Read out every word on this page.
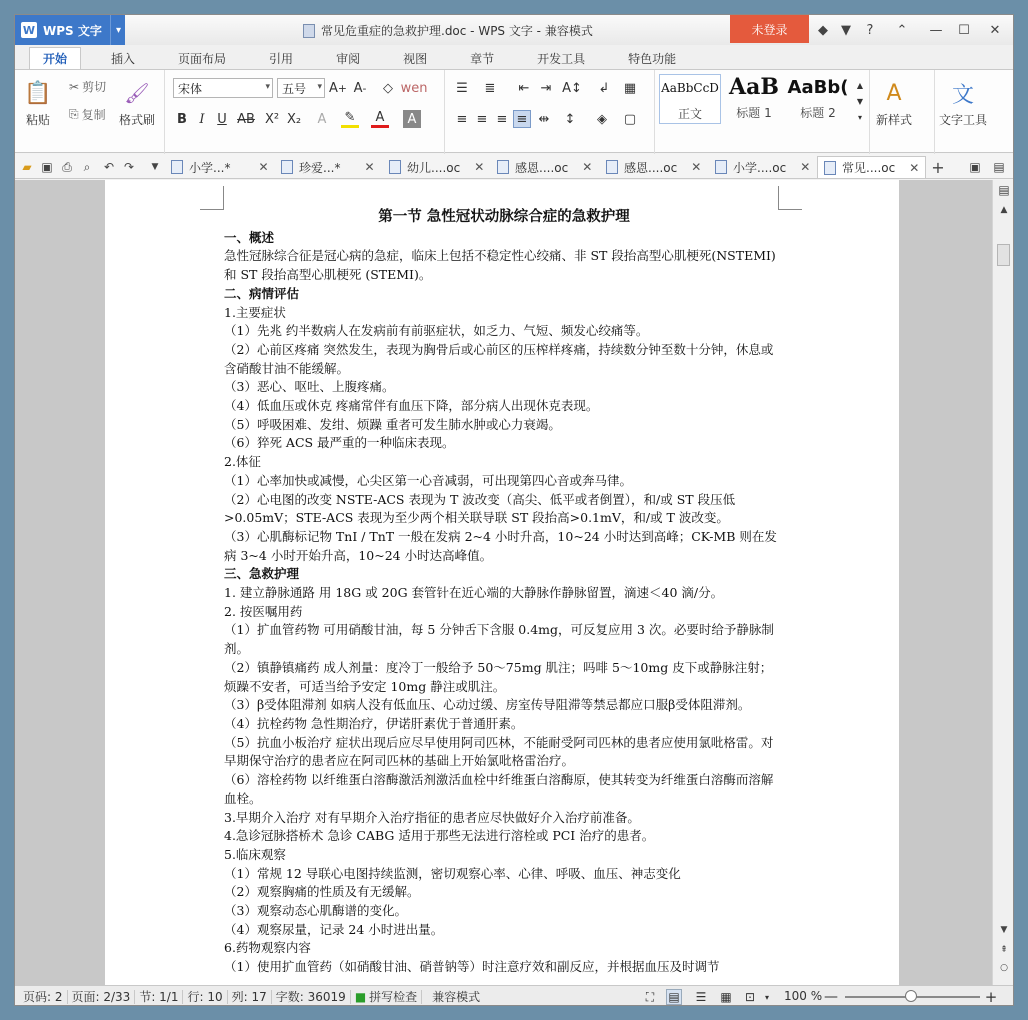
W WPS 文字	▾	常见危重症的急救护理.doc - WPS 文字 - 兼容模式	未登录	◆	▼	?	⌃ — ☐ ✕
开始	插入	页面布局	引用	审阅	视图	章节	开发工具	特色功能
📋
粘贴
✂ 剪切
⎘ 复制
🖌
格式刷
宋体	▾ 五号 ▾ A + A -	◇ wen
B I U AB X² X₂	A	✎	A	A
☰ ≣ ⇤ ⇥ A↕ ↲ ▦
≡ ≡ ≡ ≡ ⇹ ↕	◈	▢
AaBbCcD
正文
AaB
标题 1
AaBb(
标题 2
▲
▼
▾
A
新样式
文
文字工具
▰ ▣ ⎙ ⌕	↶ ↷	▼	小学...* ✕	珍爱...* ✕	幼儿....oc ✕	感恩....oc ✕	感恩....oc ✕	小学....oc ✕	常见....oc ✕ + ▣ ▤
第一节 急性冠状动脉综合症的急救护理

一、概述

急性冠脉综合征是冠心病的急症，临床上包括不稳定性心绞痛、非 ST 段抬高型心肌梗死(NSTEMI)和 ST 段抬高型心肌梗死 (STEMI)。

二、病情评估

1.主要症状

（1）先兆 约半数病人在发病前有前驱症状，如乏力、气短、频发心绞痛等。

（2）心前区疼痛 突然发生，表现为胸骨后或心前区的压榨样疼痛，持续数分钟至数十分钟，休息或含硝酸甘油不能缓解。

（3）恶心、呕吐、上腹疼痛。

（4）低血压或休克 疼痛常伴有血压下降，部分病人出现休克表现。

（5）呼吸困难、发绀、烦躁 重者可发生肺水肿或心力衰竭。

（6）猝死 ACS 最严重的一种临床表现。

2.体征

（1）心率加快或减慢，心尖区第一心音减弱，可出现第四心音或奔马律。

（2）心电图的改变 NSTE-ACS 表现为 T 波改变（高尖、低平或者倒置），和/或 ST 段压低>0.05mV；STE-ACS 表现为至少两个相关联导联 ST 段抬高>0.1mV，和/或 T 波改变。

（3）心肌酶标记物 TnI / TnT 一般在发病 2~4 小时升高，10~24 小时达到高峰；CK-MB 则在发病 3~4 小时开始升高，10~24 小时达高峰值。

三、急救护理

1. 建立静脉通路 用 18G 或 20G 套管针在近心端的大静脉作静脉留置，滴速＜40 滴/分。

2. 按医嘱用药

（1）扩血管药物 可用硝酸甘油，每 5 分钟舌下含服 0.4mg，可反复应用 3 次。必要时给予静脉制剂。

（2）镇静镇痛药 成人剂量：度冷丁一般给予 50～75mg 肌注；吗啡 5～10mg 皮下或静脉注射；烦躁不安者，可适当给予安定 10mg 静注或肌注。

（3）β受体阻滞剂 如病人没有低血压、心动过缓、房室传导阻滞等禁忌都应口服β受体阻滞剂。

（4）抗栓药物 急性期治疗，伊诺肝素优于普通肝素。

（5）抗血小板治疗 症状出现后应尽早使用阿司匹林，不能耐受阿司匹林的患者应使用氯吡格雷。对早期保守治疗的患者应在阿司匹林的基础上开始氯吡格雷治疗。

（6）溶栓药物 以纤维蛋白溶酶激活剂激活血栓中纤维蛋白溶酶原，使其转变为纤维蛋白溶酶而溶解血栓。

3.早期介入治疗 对有早期介入治疗指征的患者应尽快做好介入治疗前准备。

4.急诊冠脉搭桥术 急诊 CABG 适用于那些无法进行溶栓或 PCI 治疗的患者。

5.临床观察

（1）常规 12 导联心电图持续监测，密切观察心率、心律、呼吸、血压、神志变化

（2）观察胸痛的性质及有无缓解。

（3）观察动态心肌酶谱的变化。

（4）观察尿量，记录 24 小时进出量。

6.药物观察内容

（1）使用扩血管药（如硝酸甘油、硝普钠等）时注意疗效和副反应，并根据血压及时调节

▤
▲
▼
⇞
○
页码: 2 页面: 2/33 节: 1/1 行: 10 列: 17 字数: 36019 ■ 拼写检查	兼容模式	⛶	▤ ☰ ▦ ⊡	▾	100 % —	+
